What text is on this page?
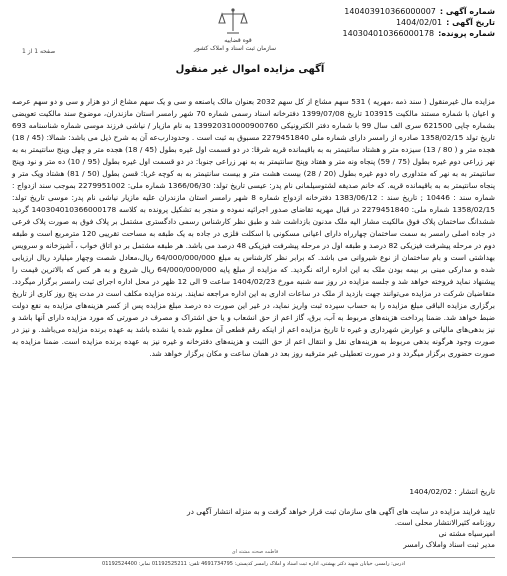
شماره آگهی :
140403910366000007
تاریخ آگهی :
1404/02/01
شماره پرونده:
140304010366000178
قوه قضاییه
سازمان ثبت اسناد و املاک کشور
صفحه 1 از 1
آگهی مزایده اموال غیر منقول
مزایده مال غیرمنقول ( سند ذمه ،مهریه ) 531 سهم مشاع از کل سهم 2032 بعنوان مالک یاصنعه و سی و یک سهم مشاع از دو هزار و سی و دو سهم عرصه و اعیان با شماره مستند مالکیت 103915 تاریخ 1399/07/08 دفترخانه اسناد رسمی شماره 70 شهر رامسر استان مازندران، موضوع سند مالکیت تعویضی بشماره چاپی 621500 سری الف سال 99 با شماره دفتر الکترونیکی 139920310000900760 به نام مازیار / نیاشی فرزند موسی شماره شناسنامه 693 تاریخ تولد 1358/02/15 صادره از رامسر دارای شماره ملی 2279451840 مسبوق به ثبت است . وحدودارب‌عه آن به شرح ذیل می باشد: شمالا: (45 / 18) هجده متر و ( 80 / 13) سیزده متر و هشتاد سانتیمتر به به باقیمانده قریه شرقا: در دو قسمت اول غیره بطول (45 / 18) هجده متر و چهل وپنج سانتیمتر به به نهر زراعی دوم غیره بطول (75 / 59) پنجاه ونه متر و هفتاد وپنج سانتیمتر به به نهر زراعی جنوبا: در دو قسمت اول غیره بطول (95 / 10) ده متر و نود وپنج سانتیمتر به به نهر که متداوری راه دوم غیره بطول (20 / 28) بیست هشت متر و بیست سانتیمتر به به کوچه غربا: قسن بطول (50 / 81) هشتاد ویک متر و پنجاه سانتیمتر به به باقیمانده قریه. که خانم صدیقه لشتوسیلمانی نام پدر: عیسی تاریخ تولد: 1366/06/30 شماره ملی: 2279951002 بموجب سند ازدواج : شماره سند : 10446 ; تاریخ سند : 1383/06/12 دفترخانه ازدواج شماره 8 شهر رامسر استان مازندران علیه مازیار نیاشی نام پدر: موسی تاریخ تولد: 1358/02/15 شماره ملی: 2279451840 در قبال مهریه تقاضای صدور اجرائیه نموده و منجر به تشکیل پرونده به کلاسه 140304010366000178 گردید ششدانگ ساختمان پلاک فوق مالکیت مشار الیه ملک مدنون بازداشت شد و طبق نظر کارشناس رسمی دادگستری مشتمل بر پلاک فوق به صورت پلاک فرعی در جاده اصلی رامسر به سمت ساختمان چهارراه دارای اعیانی مسکونی با اسکلت فلزی در جاده به یک طبقه به مساحت تقریبی 120 مترمربع است و طبقه دوم در مرحله پیشرفت فیزیکی 82 درصد و طبقه اول در مرحله پیشرفت فیزیکی 48 درصد می باشد. هر طبقه مشتمل بر دو اتاق خواب ، آشپزخانه و سرویس بهداشتی است و بام ساختمان از نوع شیروانی می باشد. که برابر نظر کارشناس به مبلغ 64/000/000/000 ریال،معادل شصت وچهار میلیارد ریال ارزیابی شده و مدارکی مبنی بر بیمه بودن ملک به این اداره ارائه نگردید. که مزایده از مبلغ پایه 64/000/000/000 ریال شروع و به هر کس که بالاترین قیمت را پیشنهاد نماید فروخته خواهد شد و جلسه مزایده در روز سه شنبه مورخ 1404/02/23 ساعت 9 الی 12 ظهر در محل اداره اجرای ثبت رامسر برگزار میگردد. متقاضیان شرکت در مزایده می‌توانند جهت بازدید از ملک در ساعات اداری به این اداره مراجعه نمایند. برنده مزایده مکلف است در مدت پنج روز کاری از تاریخ برگزاری مزایده الباقی مبلغ مزایده را به حساب سپرده ثبت واریز نماید، در غیر این صورت ده درصد مبلغ مزایده پس از کسر هزینه‌های مزایده به نفع دولت ضبط خواهد شد. ضمنا پرداخت هزینه‌های مربوط به آب، برق، گاز اعم از حق انشعاب و یا حق اشتراک و مصرف در صورتی که مورد مزایده دارای آنها باشد و نیز بدهی‌های مالیاتی و عوارض شهرداری و غیره تا تاریخ مزایده اعم از اینکه رقم قطعی آن معلوم شده یا نشده باشد به عهده برنده مزایده می‌باشد. و نیز در صورت وجود هرگونه بدهی مربوط به هزینه‌های نقل و انتقال اعم از حق الثبت و هزینه‌های دفترخانه و غیره نیز به عهده برنده مزایده است. ضمنا مزایده به صورت حضوری برگزار میگردد و در صورت تعطیلی غیر مترقبه روز بعد در همان ساعت و مکان برگزار خواهد شد.
تاریخ انتشار : 1404/02/02
تایید فرایند مزایده در سایت های آگهی های سازمان ثبت قرار خواهد گرفت و به منزله انتشار آگهی در
روزنامه کثیرالانتشار محلی است.
امیرسیاه مشته نی
مدیر ثبت اسناد واملاک رامسر
فاطمه صحنه مشته ای
آدرس: رامسر، خیابان شهید دکتر بهشتی، اداره ثبت اسناد و املاک رامسر کدپستی: 4691734795 تلفن: 01192525211 نمابر: 01192524400
